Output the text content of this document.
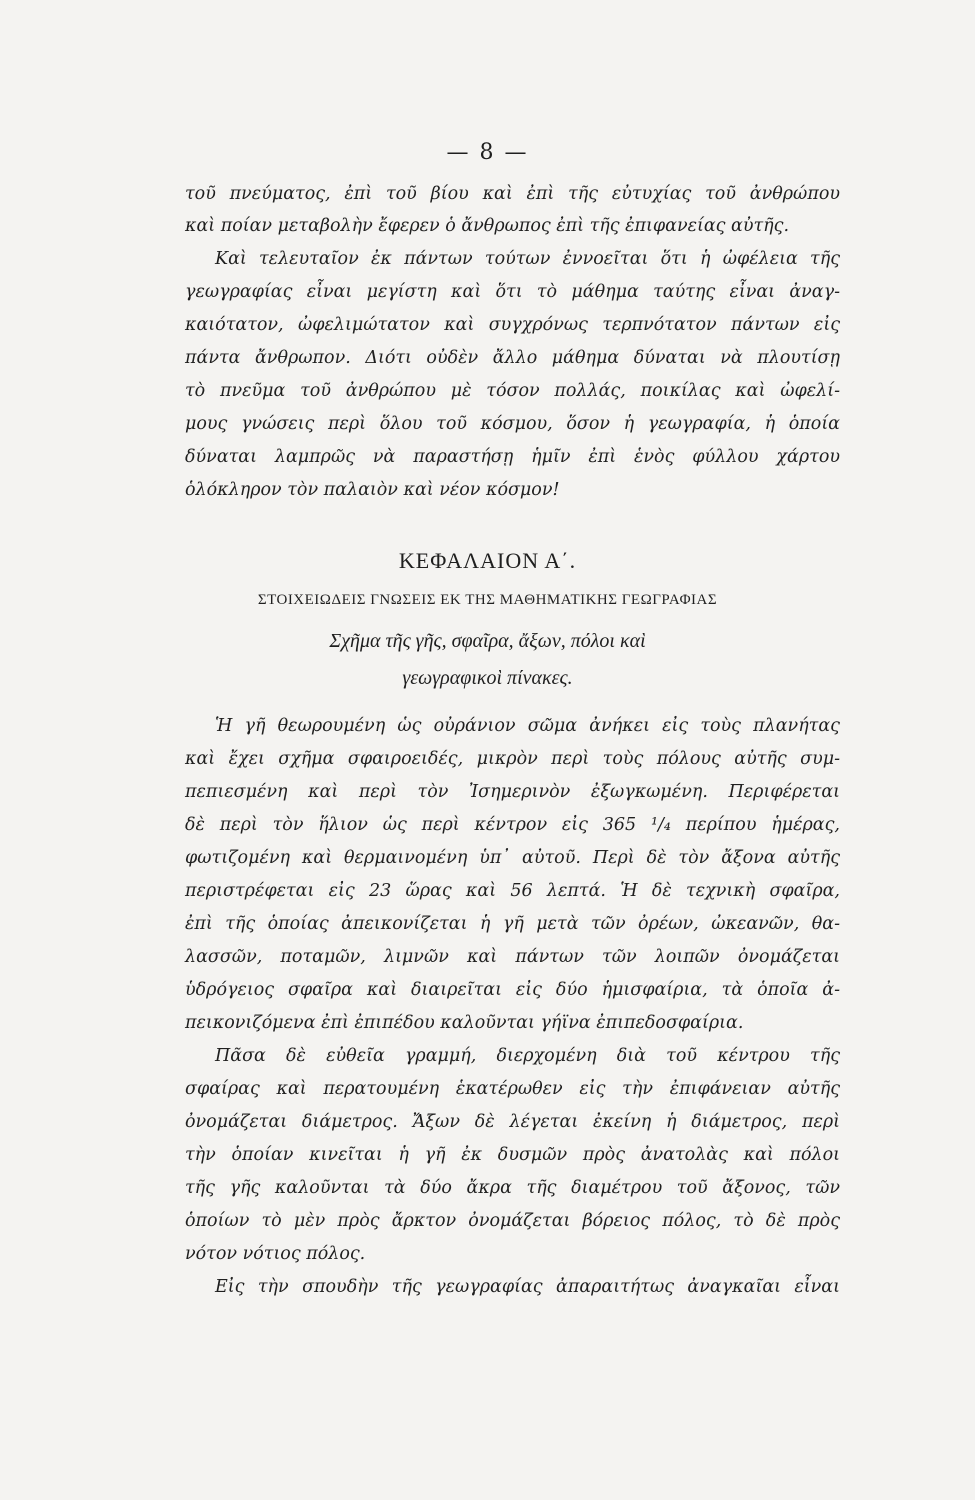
— 8 —
τοῦ πνεύματος, ἐπὶ τοῦ βίου καὶ ἐπὶ τῆς εὐτυχίας τοῦ ἀνθρώπου
καὶ ποίαν μεταβολὴν ἔφερεν ὁ ἄνθρωπος ἐπὶ τῆς ἐπιφανείας αὐτῆς.
Καὶ τελευταῖον ἐκ πάντων τούτων ἐννοεῖται ὅτι ἡ ὠφέλεια τῆς
γεωγραφίας εἶναι μεγίστη καὶ ὅτι τὸ μάθημα ταύτης εἶναι ἀναγ-
καιότατον, ὠφελιμώτατον καὶ συγχρόνως τερπνότατον πάντων εἰς
πάντα ἄνθρωπον. Διότι οὐδὲν ἄλλο μάθημα δύναται νὰ πλουτίσῃ
τὸ πνεῦμα τοῦ ἀνθρώπου μὲ τόσον πολλάς, ποικίλας καὶ ὠφελί-
μους γνώσεις περὶ ὅλου τοῦ κόσμου, ὅσον ἡ γεωγραφία, ἡ ὁποία
δύναται λαμπρῶς νὰ παραστήσῃ ἡμῖν ἐπὶ ἑνὸς φύλλου χάρτου
ὁλόκληρον τὸν παλαιὸν καὶ νέον κόσμον!
ΚΕΦΑΛΑΙΟΝ Α΄.
ΣΤΟΙΧΕΙΩΔΕΙΣ ΓΝΩΣΕΙΣ ΕΚ ΤΗΣ ΜΑΘΗΜΑΤΙΚΗΣ ΓΕΩΓΡΑΦΙΑΣ
Σχῆμα τῆς γῆς, σφαῖρα, ἄξων, πόλοι καὶ
γεωγραφικοὶ πίνακες.
Ἡ γῆ θεωρουμένη ὡς οὐράνιον σῶμα ἀνήκει εἰς τοὺς πλανήτας
καὶ ἔχει σχῆμα σφαιροειδές, μικρὸν περὶ τοὺς πόλους αὐτῆς συμ-
πεπιεσμένη καὶ περὶ τὸν Ἰσημερινὸν ἐξωγκωμένη. Περιφέρεται
δὲ περὶ τὸν ἥλιον ὡς περὶ κέντρον εἰς 365 ¹/₄ περίπου ἡμέρας,
φωτιζομένη καὶ θερμαινομένη ὑπ᾿ αὐτοῦ. Περὶ δὲ τὸν ἄξονα αὐτῆς
περιστρέφεται εἰς 23 ὥρας καὶ 56 λεπτά. Ἡ δὲ τεχνικὴ σφαῖρα,
ἐπὶ τῆς ὁποίας ἀπεικονίζεται ἡ γῆ μετὰ τῶν ὀρέων, ὠκεανῶν, θα-
λασσῶν, ποταμῶν, λιμνῶν καὶ πάντων τῶν λοιπῶν ὀνομάζεται
ὑδρόγειος σφαῖρα καὶ διαιρεῖται εἰς δύο ἡμισφαίρια, τὰ ὁποῖα ἀ-
πεικονιζόμενα ἐπὶ ἐπιπέδου καλοῦνται γήϊνα ἐπιπεδοσφαίρια.
Πᾶσα δὲ εὐθεῖα γραμμή, διερχομένη διὰ τοῦ κέντρου τῆς
σφαίρας καὶ περατουμένη ἑκατέρωθεν εἰς τὴν ἐπιφάνειαν αὐτῆς
ὀνομάζεται διάμετρος. Ἄξων δὲ λέγεται ἐκείνη ἡ διάμετρος, περὶ
τὴν ὁποίαν κινεῖται ἡ γῆ ἐκ δυσμῶν πρὸς ἀνατολὰς καὶ πόλοι
τῆς γῆς καλοῦνται τὰ δύο ἄκρα τῆς διαμέτρου τοῦ ἄξονος, τῶν
ὁποίων τὸ μὲν πρὸς ἄρκτον ὀνομάζεται βόρειος πόλος, τὸ δὲ πρὸς
νότον νότιος πόλος.
Εἰς τὴν σπουδὴν τῆς γεωγραφίας ἀπαραιτήτως ἀναγκαῖαι εἶναι
